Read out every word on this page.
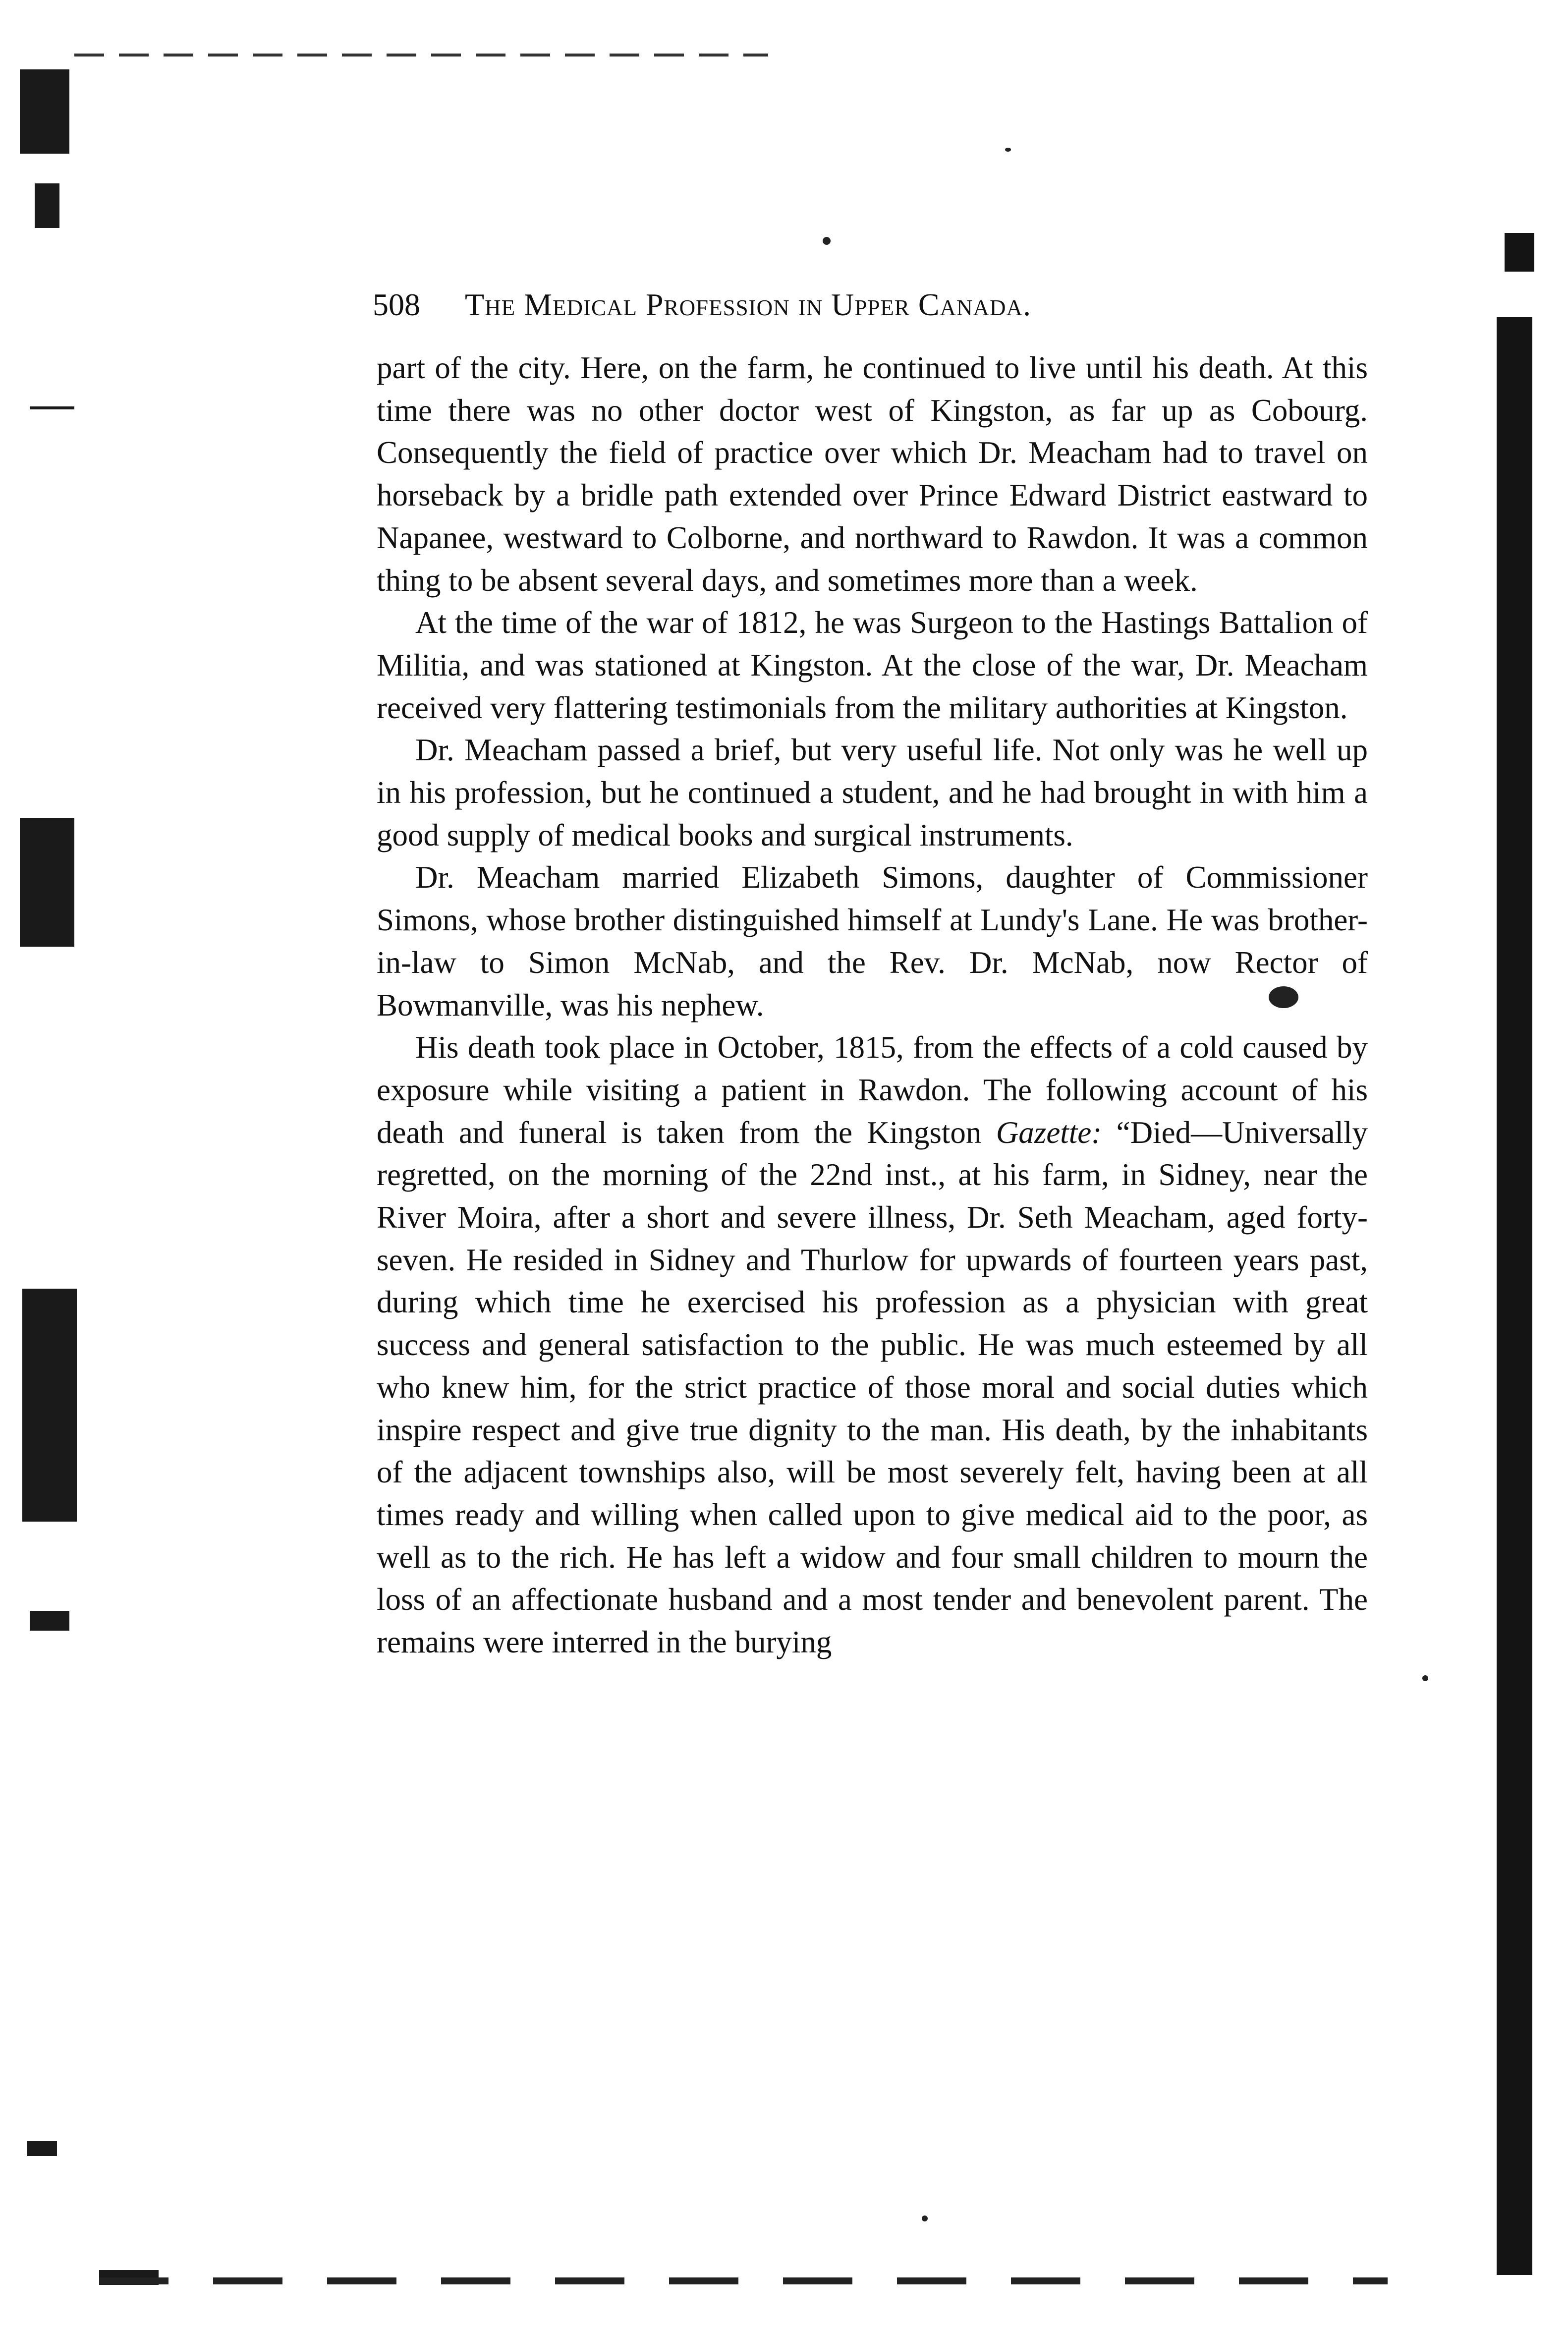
508 The Medical Profession in Upper Canada.

part of the city. Here, on the farm, he continued to live until his death. At this time there was no other doctor west of Kingston, as far up as Cobourg. Consequently the field of practice over which Dr. Meacham had to travel on horseback by a bridle path extended over Prince Edward District eastward to Napanee, westward to Colborne, and northward to Rawdon. It was a common thing to be absent several days, and sometimes more than a week.

At the time of the war of 1812, he was Surgeon to the Hastings Battalion of Militia, and was stationed at Kingston. At the close of the war, Dr. Meacham received very flattering testimonials from the military authorities at Kingston.

Dr. Meacham passed a brief, but very useful life. Not only was he well up in his profession, but he continued a student, and he had brought in with him a good supply of medical books and surgical instruments.

Dr. Meacham married Elizabeth Simons, daughter of Commissioner Simons, whose brother distinguished himself at Lundy's Lane. He was brother-in-law to Simon McNab, and the Rev. Dr. McNab, now Rector of Bowmanville, was his nephew.

His death took place in October, 1815, from the effects of a cold caused by exposure while visiting a patient in Rawdon. The following account of his death and funeral is taken from the Kingston Gazette: “Died—Universally regretted, on the morning of the 22nd inst., at his farm, in Sidney, near the River Moira, after a short and severe illness, Dr. Seth Meacham, aged forty-seven. He resided in Sidney and Thurlow for upwards of fourteen years past, during which time he exercised his profession as a physician with great success and general satisfaction to the public. He was much esteemed by all who knew him, for the strict practice of those moral and social duties which inspire respect and give true dignity to the man. His death, by the inhabitants of the adjacent townships also, will be most severely felt, having been at all times ready and willing when called upon to give medical aid to the poor, as well as to the rich. He has left a widow and four small children to mourn the loss of an affectionate husband and a most tender and benevolent parent. The remains were interred in the burying
